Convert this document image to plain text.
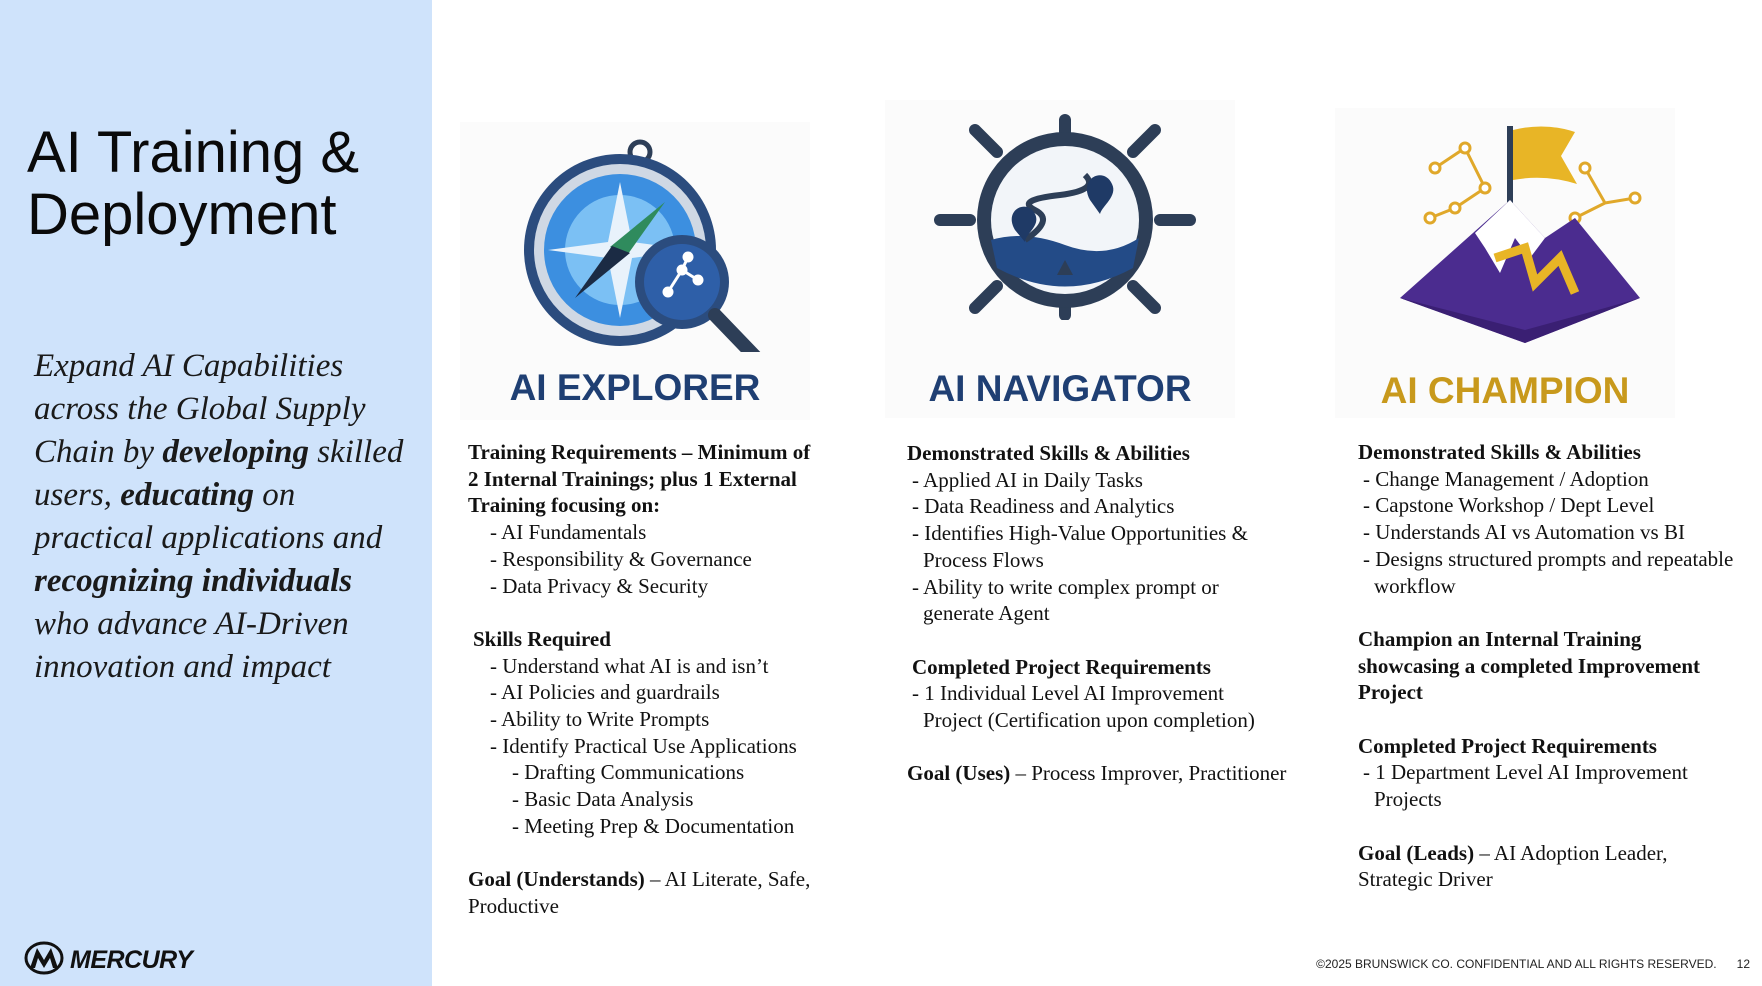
AI Training &
Deployment
Expand AI Capabilities across the Global Supply Chain by developing skilled users, educating on practical applications and recognizing individuals who advance AI-Driven innovation and impact
MERCURY	©2025 BRUNSWICK CO. CONFIDENTIAL AND ALL RIGHTS RESERVED. 12
AI EXPLORER	AI NAVIGATOR	AI CHAMPION
Training Requirements – Minimum of
2 Internal Trainings; plus 1 External
Training focusing on:
- AI Fundamentals
- Responsibility & Governance
- Data Privacy & Security
Skills Required
- Understand what AI is and isn’t
- AI Policies and guardrails
- Ability to Write Prompts
- Identify Practical Use Applications
- Drafting Communications
- Basic Data Analysis
- Meeting Prep & Documentation
Goal (Understands) – AI Literate, Safe,
Productive
Demonstrated Skills & Abilities
- Applied AI in Daily Tasks
- Data Readiness and Analytics
- Identifies High-Value Opportunities &
Process Flows
- Ability to write complex prompt or
generate Agent
Completed Project Requirements
- 1 Individual Level AI Improvement
Project (Certification upon completion)
Goal (Uses) – Process Improver, Practitioner
Demonstrated Skills & Abilities
- Change Management / Adoption
- Capstone Workshop / Dept Level
- Understands AI vs Automation vs BI
- Designs structured prompts and repeatable
workflow
Champion an Internal Training
showcasing a completed Improvement
Project
Completed Project Requirements
- 1 Department Level AI Improvement
Projects
Goal (Leads) – AI Adoption Leader,
Strategic Driver
